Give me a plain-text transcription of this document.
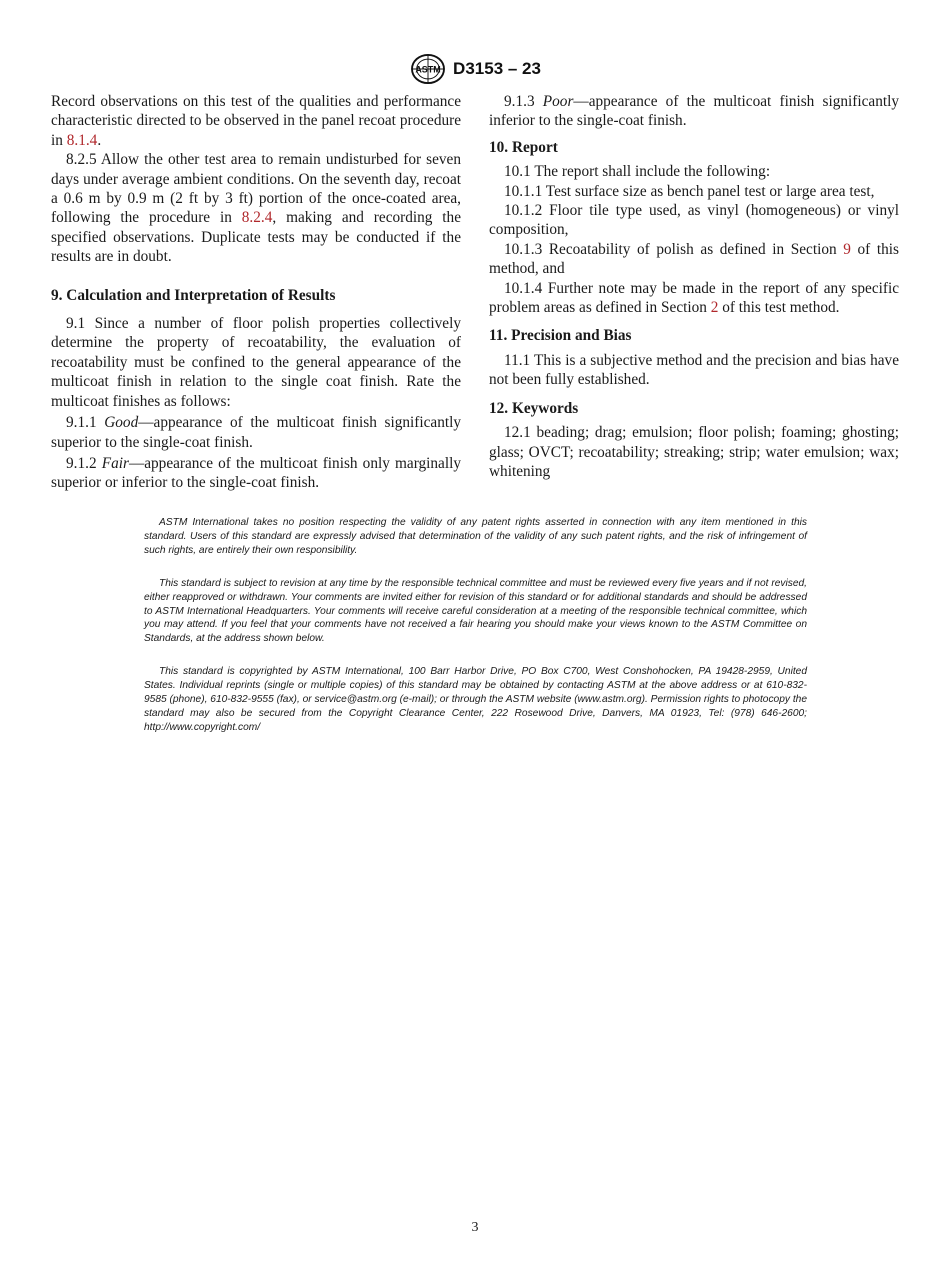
ASTM D3153 – 23

Record observations on this test of the qualities and performance characteristic directed to be observed in the panel recoat procedure in 8.1.4.

8.2.5 Allow the other test area to remain undisturbed for seven days under average ambient conditions. On the seventh day, recoat a 0.6 m by 0.9 m (2 ft by 3 ft) portion of the once-coated area, following the procedure in 8.2.4, making and recording the specified observations. Duplicate tests may be conducted if the results are in doubt.

9. Calculation and Interpretation of Results

9.1 Since a number of floor polish properties collectively determine the property of recoatability, the evaluation of recoatability must be confined to the general appearance of the multicoat finish in relation to the single coat finish. Rate the multicoat finishes as follows:

9.1.1 Good—appearance of the multicoat finish significantly superior to the single-coat finish.

9.1.2 Fair—appearance of the multicoat finish only marginally superior or inferior to the single-coat finish.

9.1.3 Poor—appearance of the multicoat finish significantly inferior to the single-coat finish.

10. Report

10.1 The report shall include the following:

10.1.1 Test surface size as bench panel test or large area test,

10.1.2 Floor tile type used, as vinyl (homogeneous) or vinyl composition,

10.1.3 Recoatability of polish as defined in Section 9 of this method, and

10.1.4 Further note may be made in the report of any specific problem areas as defined in Section 2 of this test method.

11. Precision and Bias

11.1 This is a subjective method and the precision and bias have not been fully established.

12. Keywords

12.1 beading; drag; emulsion; floor polish; foaming; ghosting; glass; OVCT; recoatability; streaking; strip; water emulsion; wax; whitening

ASTM International takes no position respecting the validity of any patent rights asserted in connection with any item mentioned in this standard. Users of this standard are expressly advised that determination of the validity of any such patent rights, and the risk of infringement of such rights, are entirely their own responsibility.

This standard is subject to revision at any time by the responsible technical committee and must be reviewed every five years and if not revised, either reapproved or withdrawn. Your comments are invited either for revision of this standard or for additional standards and should be addressed to ASTM International Headquarters. Your comments will receive careful consideration at a meeting of the responsible technical committee, which you may attend. If you feel that your comments have not received a fair hearing you should make your views known to the ASTM Committee on Standards, at the address shown below.

This standard is copyrighted by ASTM International, 100 Barr Harbor Drive, PO Box C700, West Conshohocken, PA 19428-2959, United States. Individual reprints (single or multiple copies) of this standard may be obtained by contacting ASTM at the above address or at 610-832-9585 (phone), 610-832-9555 (fax), or service@astm.org (e-mail); or through the ASTM website (www.astm.org). Permission rights to photocopy the standard may also be secured from the Copyright Clearance Center, 222 Rosewood Drive, Danvers, MA 01923, Tel: (978) 646-2600; http://www.copyright.com/

3
